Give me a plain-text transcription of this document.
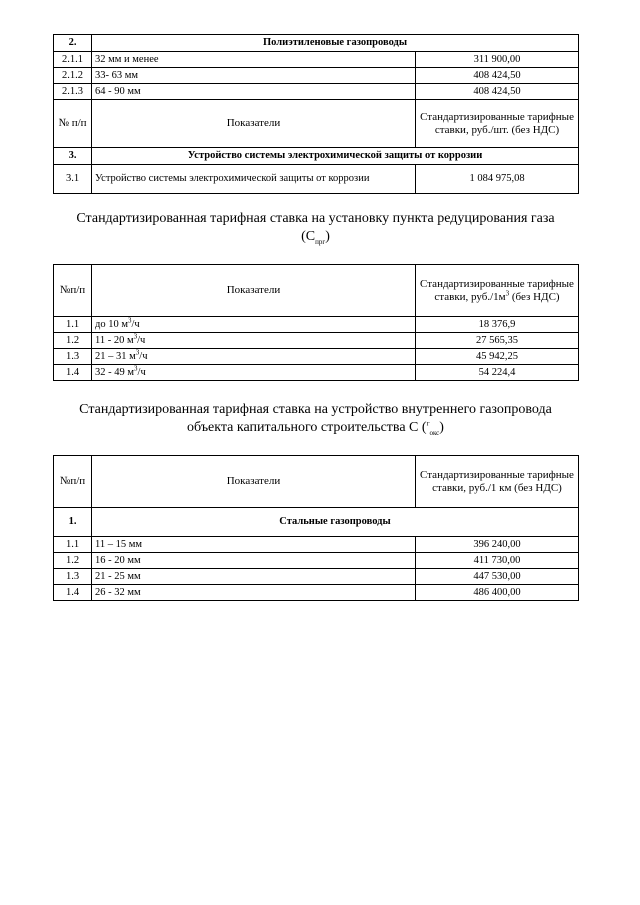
2.	Полиэтиленовые газопроводы	
2.1.1	32 мм и менее	311 900,00
2.1.2	33- 63 мм	408 424,50
2.1.3	64 - 90 мм	408 424,50
№ п/п	Показатели	Стандартизированные тарифные ставки, руб./шт. (без НДС)
3.	Устройство системы электрохимической защиты от коррозии	
3.1	Устройство системы электрохимической защиты от коррозии	1 084 975,08
Стандартизированная тарифная ставка на установку пункта редуцирования газа
$(С_{прг})$
№п/п	Показатели	Стандартизированные тарифные ставки, $руб./1м^3$ (без НДС)
1.1	до 10 $м^3/ч$	18 376,9
1.2	11 - 20 $м^3/ч$	27 565,35
1.3	21 – 31 $м^3/ч$	45 942,25
1.4	32 - 49 $м^3/ч$	54 224,4
Стандартизированная тарифная ставка на устройство внутреннего газопровода
объекта капитального строительства С ($^г_{окс}$)
№п/п	Показатели	Стандартизированные тарифные ставки, руб./1 км (без НДС)
1.	Стальные газопроводы	
1.1	11 – 15 мм	396 240,00
1.2	16 - 20 мм	411 730,00
1.3	21 - 25 мм	447 530,00
1.4	26 - 32 мм	486 400,00
